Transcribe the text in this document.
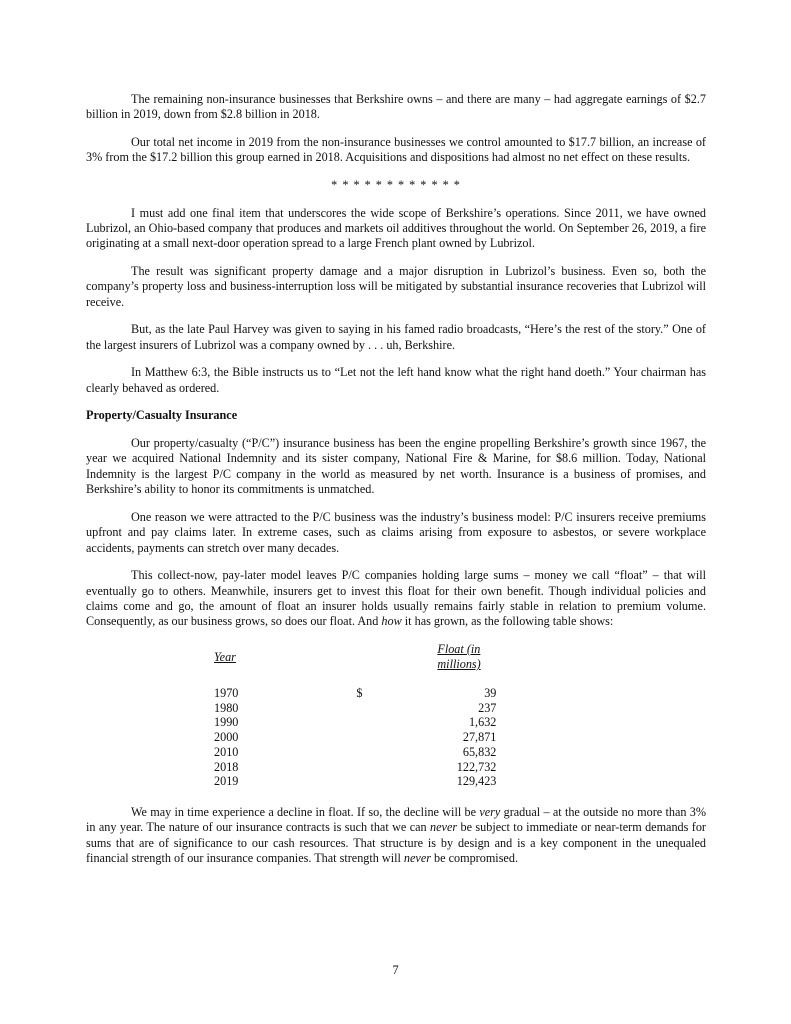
The remaining non-insurance businesses that Berkshire owns – and there are many – had aggregate earnings of $2.7 billion in 2019, down from $2.8 billion in 2018.

Our total net income in 2019 from the non-insurance businesses we control amounted to $17.7 billion, an increase of 3% from the $17.2 billion this group earned in 2018. Acquisitions and dispositions had almost no net effect on these results.

* * * * * * * * * * * *

I must add one final item that underscores the wide scope of Berkshire’s operations. Since 2011, we have owned Lubrizol, an Ohio-based company that produces and markets oil additives throughout the world. On September 26, 2019, a fire originating at a small next-door operation spread to a large French plant owned by Lubrizol.

The result was significant property damage and a major disruption in Lubrizol’s business. Even so, both the company’s property loss and business-interruption loss will be mitigated by substantial insurance recoveries that Lubrizol will receive.

But, as the late Paul Harvey was given to saying in his famed radio broadcasts, “Here’s the rest of the story.” One of the largest insurers of Lubrizol was a company owned by . . . uh, Berkshire.

In Matthew 6:3, the Bible instructs us to “Let not the left hand know what the right hand doeth.” Your chairman has clearly behaved as ordered.

Property/Casualty Insurance

Our property/casualty (“P/C”) insurance business has been the engine propelling Berkshire’s growth since 1967, the year we acquired National Indemnity and its sister company, National Fire & Marine, for $8.6 million. Today, National Indemnity is the largest P/C company in the world as measured by net worth. Insurance is a business of promises, and Berkshire’s ability to honor its commitments is unmatched.

One reason we were attracted to the P/C business was the industry’s business model: P/C insurers receive premiums upfront and pay claims later. In extreme cases, such as claims arising from exposure to asbestos, or severe workplace accidents, payments can stretch over many decades.

This collect-now, pay-later model leaves P/C companies holding large sums – money we call “float” – that will eventually go to others. Meanwhile, insurers get to invest this float for their own benefit. Though individual policies and claims come and go, the amount of float an insurer holds usually remains fairly stable in relation to premium volume. Consequently, as our business grows, so does our float. And how it has grown, as the following table shows:

Year	Float (in millions)
1970	$ 39
1980	237
1990	1,632
2000	27,871
2010	65,832
2018	122,732
2019	129,423

We may in time experience a decline in float. If so, the decline will be very gradual – at the outside no more than 3% in any year. The nature of our insurance contracts is such that we can never be subject to immediate or near-term demands for sums that are of significance to our cash resources. That structure is by design and is a key component in the unequaled financial strength of our insurance companies. That strength will never be compromised.

7
